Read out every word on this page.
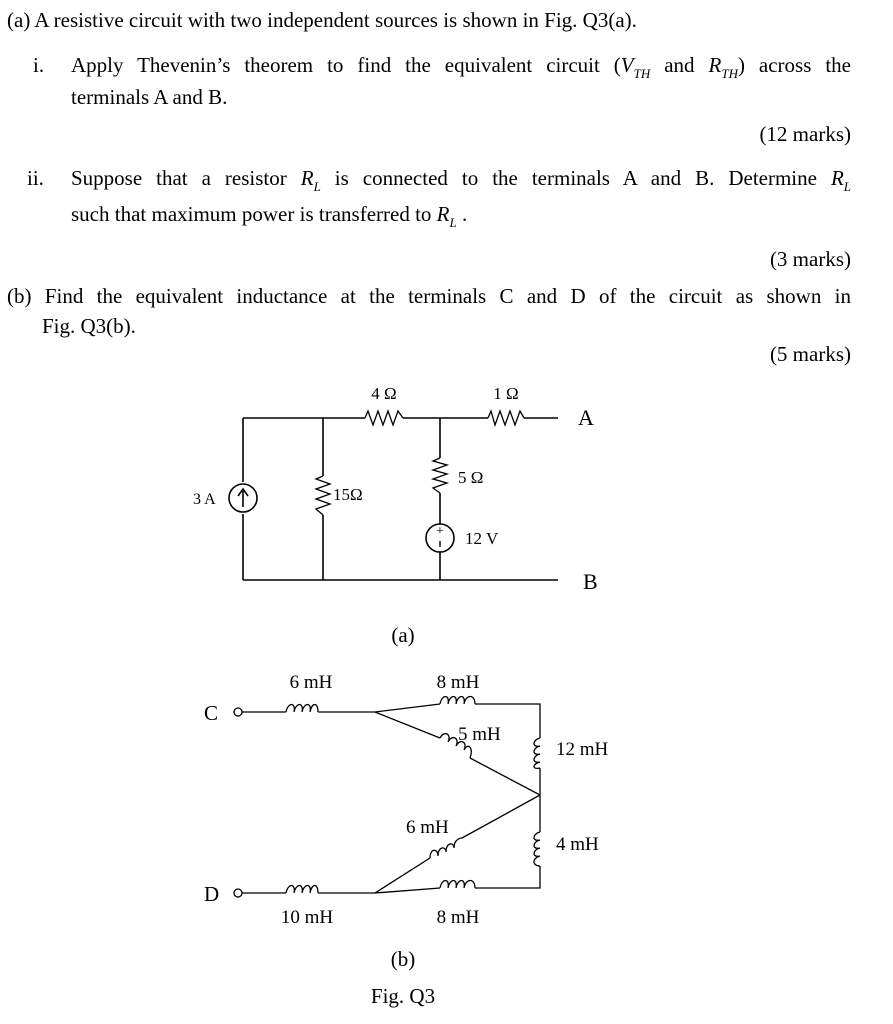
(a) A resistive circuit with two independent sources is shown in Fig. Q3(a).
i. Apply Thevenin’s theorem to find the equivalent circuit ($V_{TH}$ and $R_{TH}$) across the
terminals A and B.
(12 marks)
ii. Suppose that a resistor $R_L$ is connected to the terminals A and B. Determine $R_L$
such that maximum power is transferred to $R_L$ .
(3 marks)
(b) Find the equivalent inductance at the terminals C and D of the circuit as shown in
Fig. Q3(b).
(5 marks)
4 Ω	1 Ω
15Ω
5 Ω
3 A
+ 12 V
A
B
(a)
C
D
6 mH	8 mH
5 mH
12 mH
6 mH
4 mH
10 mH	8 mH
(b)
Fig. Q3
